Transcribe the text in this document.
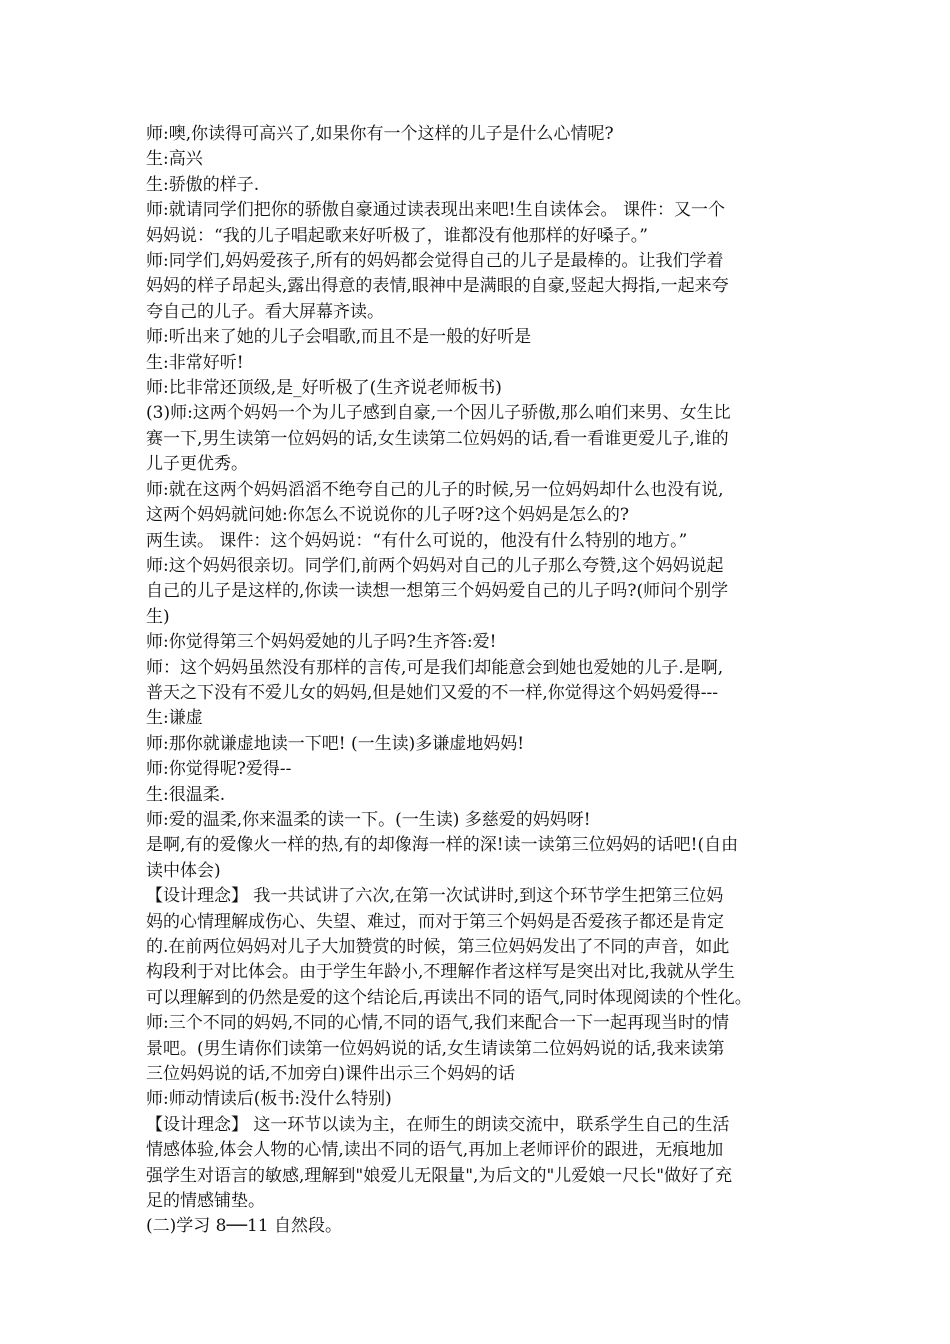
师:噢,你读得可高兴了,如果你有一个这样的儿子是什么心情呢?
生:高兴
生:骄傲的样子.
师:就请同学们把你的骄傲自豪通过读表现出来吧!生自读体会。 课件：又一个
妈妈说：“我的儿子唱起歌来好听极了，谁都没有他那样的好嗓子。”
师:同学们,妈妈爱孩子,所有的妈妈都会觉得自己的儿子是最棒的。让我们学着
妈妈的样子昂起头,露出得意的表情,眼神中是满眼的自豪,竖起大拇指,一起来夸
夸自己的儿子。看大屏幕齐读。
师:听出来了她的儿子会唱歌,而且不是一般的好听是
生:非常好听!
师:比非常还顶级,是_好听极了(生齐说老师板书)
(3)师:这两个妈妈一个为儿子感到自豪,一个因儿子骄傲,那么咱们来男、女生比
赛一下,男生读第一位妈妈的话,女生读第二位妈妈的话,看一看谁更爱儿子,谁的
儿子更优秀。
师:就在这两个妈妈滔滔不绝夸自己的儿子的时候,另一位妈妈却什么也没有说,
这两个妈妈就问她:你怎么不说说你的儿子呀?这个妈妈是怎么的?
两生读。 课件：这个妈妈说：“有什么可说的，他没有什么特别的地方。”
师:这个妈妈很亲切。同学们,前两个妈妈对自己的儿子那么夸赞,这个妈妈说起
自己的儿子是这样的,你读一读想一想第三个妈妈爱自己的儿子吗?(师问个别学
生)
师:你觉得第三个妈妈爱她的儿子吗?生齐答:爱!
师：这个妈妈虽然没有那样的言传,可是我们却能意会到她也爱她的儿子.是啊,
普天之下没有不爱儿女的妈妈,但是她们又爱的不一样,你觉得这个妈妈爱得---
生:谦虚
师:那你就谦虚地读一下吧! (一生读)多谦虚地妈妈!
师:你觉得呢?爱得--
生:很温柔.
师:爱的温柔,你来温柔的读一下。(一生读) 多慈爱的妈妈呀!
是啊,有的爱像火一样的热,有的却像海一样的深!读一读第三位妈妈的话吧!(自由
读中体会)
【设计理念】 我一共试讲了六次,在第一次试讲时,到这个环节学生把第三位妈
妈的心情理解成伤心、失望、难过，而对于第三个妈妈是否爱孩子都还是肯定
的.在前两位妈妈对儿子大加赞赏的时候，第三位妈妈发出了不同的声音，如此
构段利于对比体会。由于学生年龄小,不理解作者这样写是突出对比,我就从学生
可以理解到的仍然是爱的这个结论后,再读出不同的语气,同时体现阅读的个性化。
师:三个不同的妈妈,不同的心情,不同的语气,我们来配合一下一起再现当时的情
景吧。(男生请你们读第一位妈妈说的话,女生请读第二位妈妈说的话,我来读第
三位妈妈说的话,不加旁白)课件出示三个妈妈的话
师:师动情读后(板书:没什么特别)
【设计理念】 这一环节以读为主，在师生的朗读交流中，联系学生自己的生活
情感体验,体会人物的心情,读出不同的语气,再加上老师评价的跟进，无痕地加
强学生对语言的敏感,理解到"娘爱儿无限量",为后文的"儿爱娘一尺长"做好了充
足的情感铺垫。
(二)学习 8──11 自然段。
